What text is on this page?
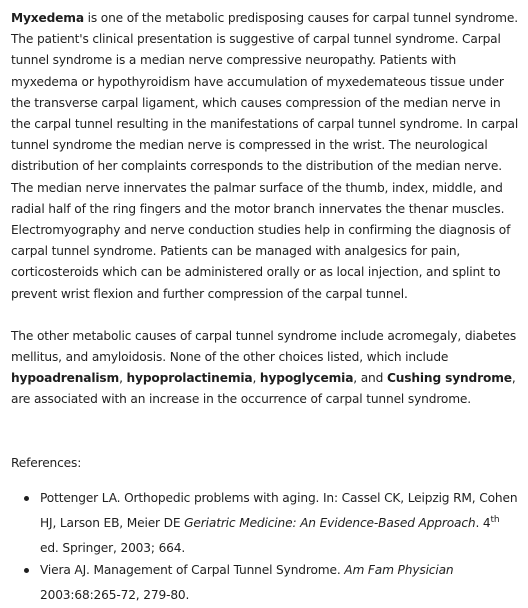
Myxedema is one of the metabolic predisposing causes for carpal tunnel syndrome. The patient's clinical presentation is suggestive of carpal tunnel syndrome. Carpal tunnel syndrome is a median nerve compressive neuropathy. Patients with myxedema or hypothyroidism have accumulation of myxedemateous tissue under the transverse carpal ligament, which causes compression of the median nerve in the carpal tunnel resulting in the manifestations of carpal tunnel syndrome. In carpal tunnel syndrome the median nerve is compressed in the wrist. The neurological distribution of her complaints corresponds to the distribution of the median nerve. The median nerve innervates the palmar surface of the thumb, index, middle, and radial half of the ring fingers and the motor branch innervates the thenar muscles. Electromyography and nerve conduction studies help in confirming the diagnosis of carpal tunnel syndrome. Patients can be managed with analgesics for pain, corticosteroids which can be administered orally or as local injection, and splint to prevent wrist flexion and further compression of the carpal tunnel.

The other metabolic causes of carpal tunnel syndrome include acromegaly, diabetes mellitus, and amyloidosis. None of the other choices listed, which include hypoadrenalism, hypoprolactinemia, hypoglycemia, and Cushing syndrome, are associated with an increase in the occurrence of carpal tunnel syndrome.

References:

Pottenger LA. Orthopedic problems with aging. In: Cassel CK, Leipzig RM, Cohen HJ, Larson EB, Meier DE Geriatric Medicine: An Evidence-Based Approach. 4th ed. Springer, 2003; 664.
Viera AJ. Management of Carpal Tunnel Syndrome. Am Fam Physician 2003:68:265-72, 279-80.
